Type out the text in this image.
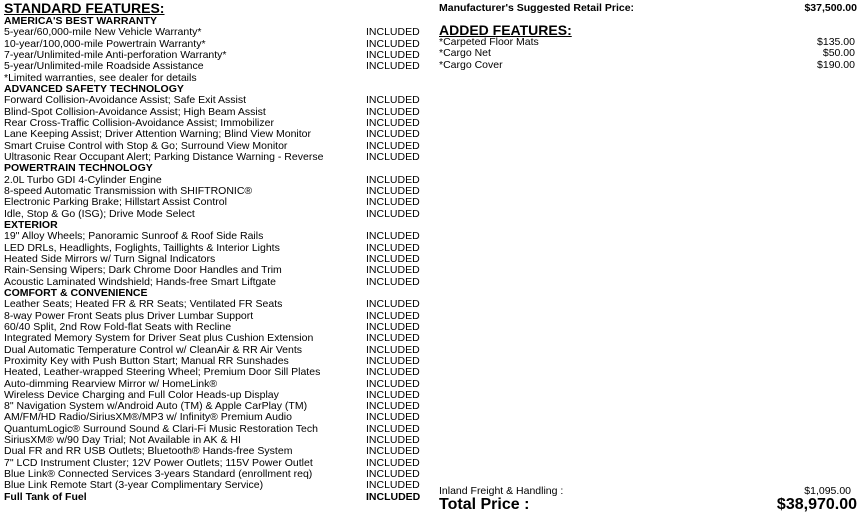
STANDARD FEATURES:
AMERICA'S BEST WARRANTY
5-year/60,000-mile New Vehicle Warranty*	INCLUDED
10-year/100,000-mile Powertrain Warranty*	INCLUDED
7-year/Unlimited-mile Anti-perforation Warranty*	INCLUDED
5-year/Unlimited-mile Roadside Assistance	INCLUDED
*Limited warranties, see dealer for details
ADVANCED SAFETY TECHNOLOGY
Forward Collision-Avoidance Assist; Safe Exit Assist	INCLUDED
Blind-Spot Collision-Avoidance Assist; High Beam Assist	INCLUDED
Rear Cross-Traffic Collision-Avoidance Assist; Immobilizer	INCLUDED
Lane Keeping Assist; Driver Attention Warning; Blind View Monitor	INCLUDED
Smart Cruise Control with Stop & Go; Surround View Monitor	INCLUDED
Ultrasonic Rear Occupant Alert; Parking Distance Warning - Reverse	INCLUDED
POWERTRAIN TECHNOLOGY
2.0L Turbo GDI 4-Cylinder Engine	INCLUDED
8-speed Automatic Transmission with SHIFTRONIC®	INCLUDED
Electronic Parking Brake; Hillstart Assist Control	INCLUDED
Idle, Stop & Go (ISG); Drive Mode Select	INCLUDED
EXTERIOR
19" Alloy Wheels; Panoramic Sunroof & Roof Side Rails	INCLUDED
LED DRLs, Headlights, Foglights, Taillights & Interior Lights	INCLUDED
Heated Side Mirrors w/ Turn Signal Indicators	INCLUDED
Rain-Sensing Wipers; Dark Chrome Door Handles and Trim	INCLUDED
Acoustic Laminated Windshield; Hands-free Smart Liftgate	INCLUDED
COMFORT & CONVENIENCE
Leather Seats; Heated FR & RR Seats; Ventilated FR Seats	INCLUDED
8-way Power Front Seats plus Driver Lumbar Support	INCLUDED
60/40 Split, 2nd Row Fold-flat Seats with Recline	INCLUDED
Integrated Memory System for Driver Seat plus Cushion Extension	INCLUDED
Dual Automatic Temperature Control w/ CleanAir & RR Air Vents	INCLUDED
Proximity Key with Push Button Start; Manual RR Sunshades	INCLUDED
Heated, Leather-wrapped Steering Wheel; Premium Door Sill Plates	INCLUDED
Auto-dimming Rearview Mirror w/ HomeLink®	INCLUDED
Wireless Device Charging and Full Color Heads-up Display	INCLUDED
8" Navigation System w/Android Auto (TM) & Apple CarPlay (TM)	INCLUDED
AM/FM/HD Radio/SiriusXM®/MP3 w/ Infinity® Premium Audio	INCLUDED
QuantumLogic® Surround Sound & Clari-Fi Music Restoration Tech	INCLUDED
SiriusXM® w/90 Day Trial; Not Available in AK & HI	INCLUDED
Dual FR and RR USB Outlets; Bluetooth® Hands-free System	INCLUDED
7" LCD Instrument Cluster; 12V Power Outlets; 115V Power Outlet	INCLUDED
Blue Link® Connected Services 3-years Standard (enrollment req)	INCLUDED
Blue Link Remote Start (3-year Complimentary Service)	INCLUDED
Full Tank of Fuel	INCLUDED
Manufacturer's Suggested Retail Price:	$37,500.00
ADDED FEATURES:
*Carpeted Floor Mats	$135.00
*Cargo Net	$50.00
*Cargo Cover	$190.00
Inland Freight & Handling :	$1,095.00
Total Price :	$38,970.00
